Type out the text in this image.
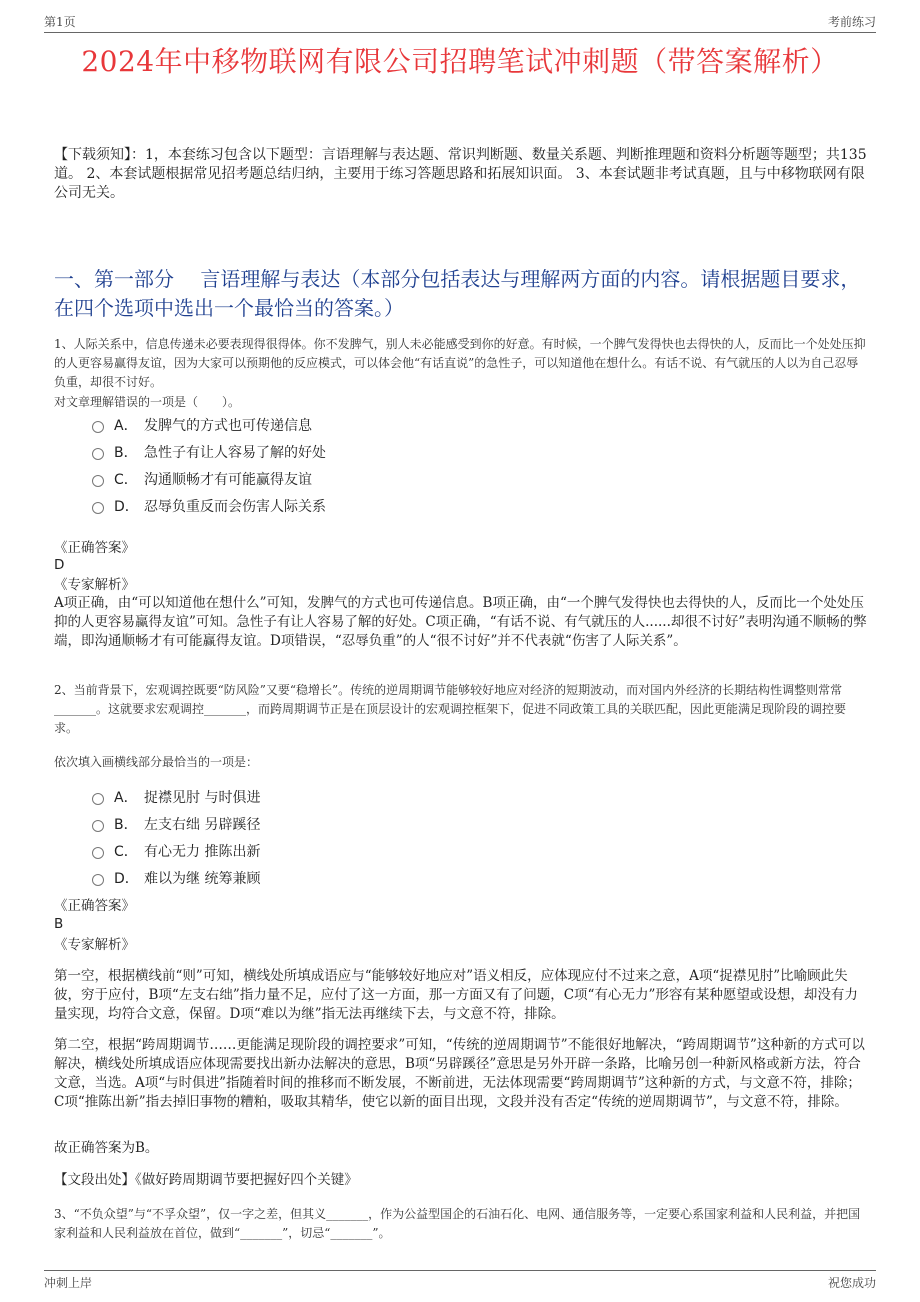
第1页	考前练习
2024年中移物联网有限公司招聘笔试冲刺题（带答案解析）
【下载须知】：1，本套练习包含以下题型：言语理解与表达题、常识判断题、数量关系题、判断推理题和资料分析题等题型；共135道。 2、本套试题根据常见招考题总结归纳，主要用于练习答题思路和拓展知识面。 3、本套试题非考试真题，且与中移物联网有限公司无关。
一、第一部分　 言语理解与表达（本部分包括表达与理解两方面的内容。请根据题目要求，在四个选项中选出一个最恰当的答案。）
1、人际关系中，信息传递未必要表现得很得体。你不发脾气，别人未必能感受到你的好意。有时候，一个脾气发得快也去得快的人，反而比一个处处压抑的人更容易赢得友谊，因为大家可以预期他的反应模式，可以体会他“有话直说”的急性子，可以知道他在想什么。有话不说、有气就压的人以为自己忍辱负重，却很不讨好。
对文章理解错误的一项是（　　）。
A． 发脾气的方式也可传递信息
B． 急性子有让人容易了解的好处
C． 沟通顺畅才有可能赢得友谊
D． 忍辱负重反而会伤害人际关系
《正确答案》
D
《专家解析》
A项正确，由“可以知道他在想什么”可知，发脾气的方式也可传递信息。B项正确，由“一个脾气发得快也去得快的人，反而比一个处处压抑的人更容易赢得友谊”可知。急性子有让人容易了解的好处。C项正确，“有话不说、有气就压的人......却很不讨好”表明沟通不顺畅的弊端，即沟通顺畅才有可能赢得友谊。D项错误，“忍辱负重”的人“很不讨好”并不代表就“伤害了人际关系”。
2、当前背景下，宏观调控既要“防风险”又要“稳增长”。传统的逆周期调节能够较好地应对经济的短期波动，而对国内外经济的长期结构性调整则常常_______。这就要求宏观调控_______，而跨周期调节正是在顶层设计的宏观调控框架下，促进不同政策工具的关联匹配，因此更能满足现阶段的调控要求。
依次填入画横线部分最恰当的一项是：
A． 捉襟见肘 与时俱进
B． 左支右绌 另辟蹊径
C． 有心无力 推陈出新
D． 难以为继 统筹兼顾
《正确答案》
B
《专家解析》
第一空，根据横线前“则”可知，横线处所填成语应与“能够较好地应对”语义相反，应体现应付不过来之意，A项“捉襟见肘”比喻顾此失彼，穷于应付，B项“左支右绌”指力量不足，应付了这一方面，那一方面又有了问题，C项“有心无力”形容有某种愿望或设想，却没有力量实现，均符合文意，保留。D项“难以为继”指无法再继续下去，与文意不符，排除。
第二空，根据“跨周期调节……更能满足现阶段的调控要求”可知，“传统的逆周期调节”不能很好地解决，“跨周期调节”这种新的方式可以解决，横线处所填成语应体现需要找出新办法解决的意思，B项“另辟蹊径”意思是另外开辟一条路，比喻另创一种新风格或新方法，符合文意，当选。A项“与时俱进”指随着时间的推移而不断发展，不断前进，无法体现需要“跨周期调节”这种新的方式，与文意不符，排除；C项“推陈出新”指去掉旧事物的糟粕，吸取其精华，使它以新的面目出现，文段并没有否定“传统的逆周期调节”，与文意不符，排除。
故正确答案为B。
【文段出处】《做好跨周期调节要把握好四个关键》
3、“不负众望”与“不孚众望”，仅一字之差，但其义_______，作为公益型国企的石油石化、电网、通信服务等，一定要心系国家利益和人民利益，并把国家利益和人民利益放在首位，做到“_______”，切忌“_______”。
冲刺上岸	祝您成功
